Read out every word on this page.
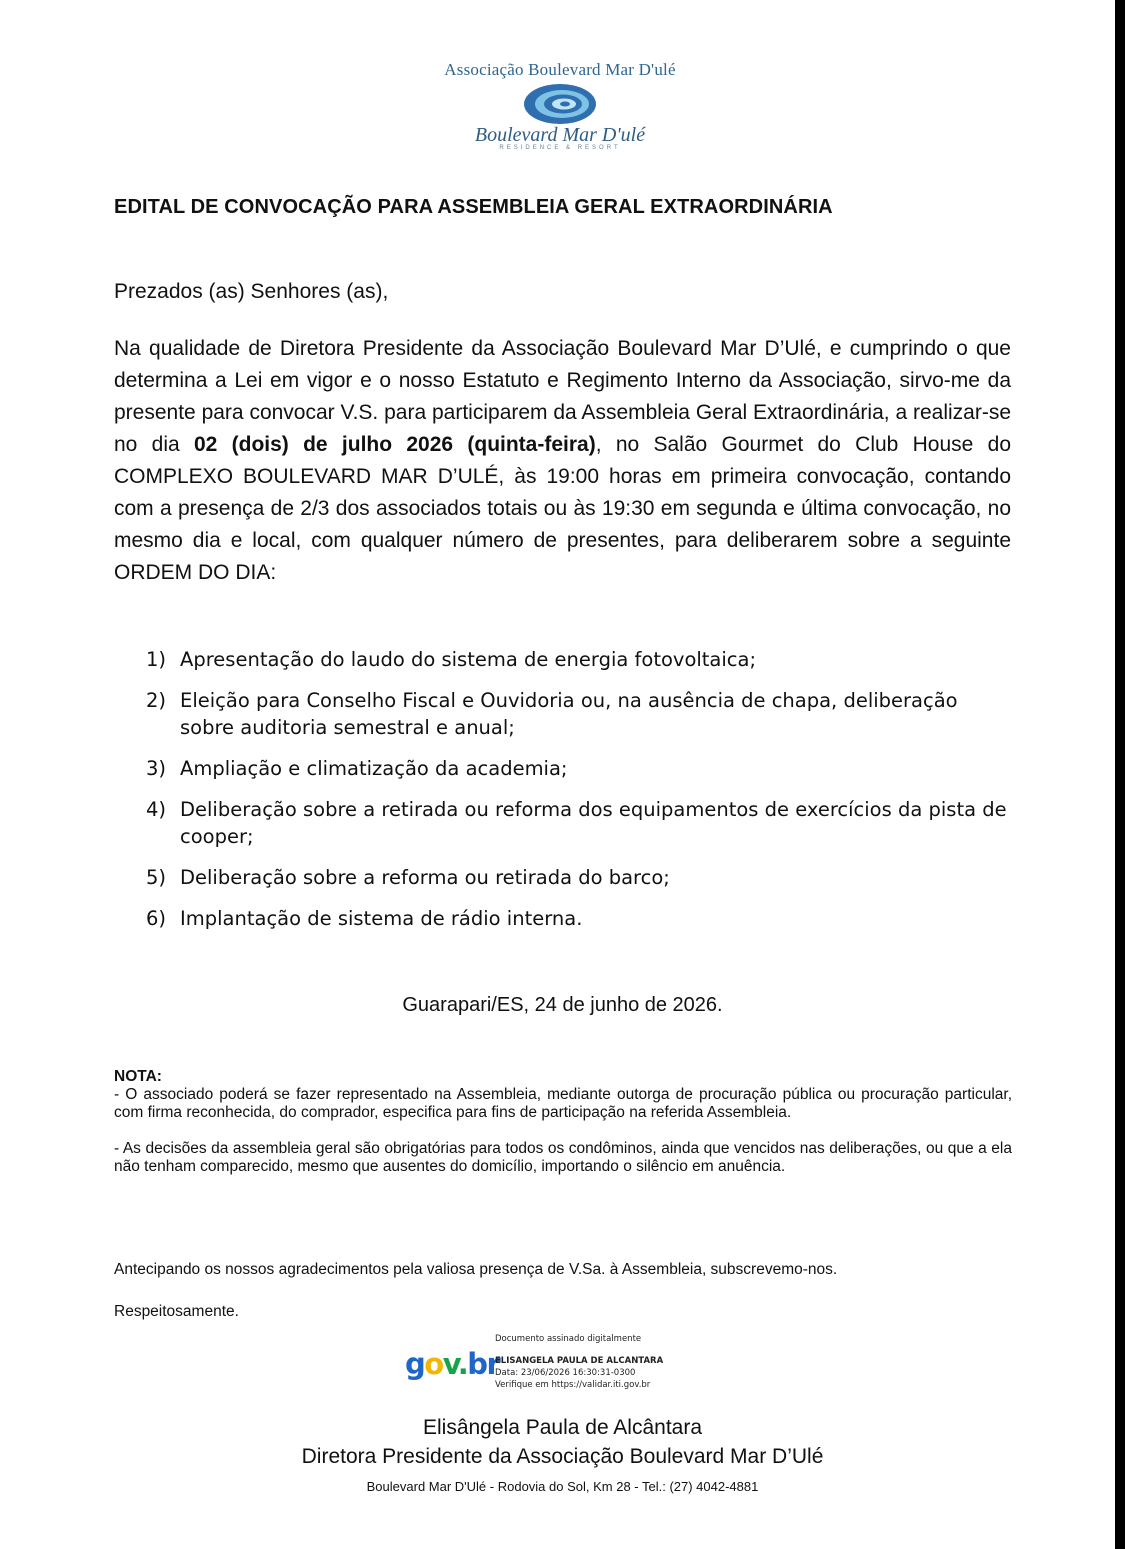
Associação Boulevard Mar D'ulé
Boulevard Mar D'ulé
RESIDENCE & RESORT
EDITAL DE CONVOCAÇÃO PARA ASSEMBLEIA GERAL EXTRAORDINÁRIA
Prezados (as) Senhores (as),
Na qualidade de Diretora Presidente da Associação Boulevard Mar D’Ulé, e cumprindo o que determina a Lei em vigor e o nosso Estatuto e Regimento Interno da Associação, sirvo-me da presente para convocar V.S. para participarem da Assembleia Geral Extraordinária, a realizar-se no dia 02 (dois) de julho 2026 (quinta-feira), no Salão Gourmet do Club House do COMPLEXO BOULEVARD MAR D’ULÉ, às 19:00 horas em primeira convocação, contando com a presença de 2/3 dos associados totais ou às 19:30 em segunda e última convocação, no mesmo dia e local, com qualquer número de presentes, para deliberarem sobre a seguinte ORDEM DO DIA:
1) Apresentação do laudo do sistema de energia fotovoltaica;
2) Eleição para Conselho Fiscal e Ouvidoria ou, na ausência de chapa, deliberação sobre auditoria semestral e anual;
3) Ampliação e climatização da academia;
4) Deliberação sobre a retirada ou reforma dos equipamentos de exercícios da pista de cooper;
5) Deliberação sobre a reforma ou retirada do barco;
6) Implantação de sistema de rádio interna.
Guarapari/ES, 24 de junho de 2026.
NOTA:

- O associado poderá se fazer representado na Assembleia, mediante outorga de procuração pública ou procuração particular, com firma reconhecida, do comprador, especifica para fins de participação na referida Assembleia.

- As decisões da assembleia geral são obrigatórias para todos os condôminos, ainda que vencidos nas deliberações, ou que a ela não tenham comparecido, mesmo que ausentes do domicílio, importando o silêncio em anuência.

Antecipando os nossos agradecimentos pela valiosa presença de V.Sa. à Assembleia, subscrevemo-nos.
Respeitosamente.
gov.br
Documento assinado digitalmente
ELISANGELA PAULA DE ALCANTARA
Data: 23/06/2026 16:30:31-0300
Verifique em https://validar.iti.gov.br
Elisângela Paula de Alcântara
Diretora Presidente da Associação Boulevard Mar D’Ulé
Boulevard Mar D'Ulé - Rodovia do Sol, Km 28 - Tel.: (27) 4042-4881
